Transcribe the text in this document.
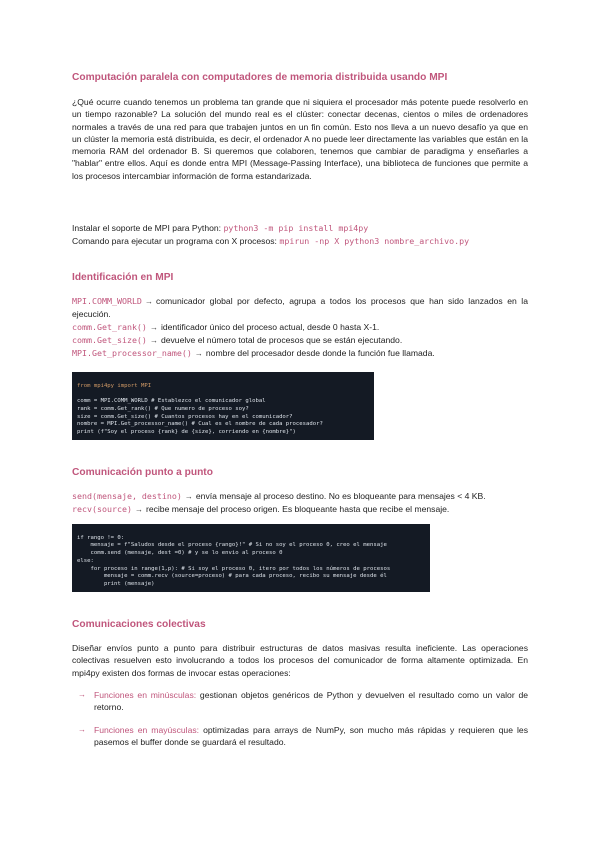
Computación paralela con computadores de memoria distribuida usando MPI

¿Qué ocurre cuando tenemos un problema tan grande que ni siquiera el procesador más potente puede resolverlo en un tiempo razonable? La solución del mundo real es el clúster: conectar decenas, cientos o miles de ordenadores normales a través de una red para que trabajen juntos en un fin común. Esto nos lleva a un nuevo desafío ya que en un clúster la memoria está distribuida, es decir, el ordenador A no puede leer directamente las variables que están en la memoria RAM del ordenador B. Si queremos que colaboren, tenemos que cambiar de paradigma y enseñarles a "hablar" entre ellos. Aquí es donde entra MPI (Message-Passing Interface), una biblioteca de funciones que permite a los procesos intercambiar información de forma estandarizada.

Instalar el soporte de MPI para Python: python3 -m pip install mpi4py
Comando para ejecutar un programa con X procesos: mpirun -np X python3 nombre_archivo.py
Identificación en MPI
MPI.COMM_WORLD → comunicador global por defecto, agrupa a todos los procesos que han sido lanzados en la ejecución.
comm.Get_rank() → identificador único del proceso actual, desde 0 hasta X-1.
comm.Get_size() → devuelve el número total de procesos que se están ejecutando.
MPI.Get_processor_name() → nombre del procesador desde donde la función fue llamada.

from mpi4py import MPI

comm = MPI.COMM_WORLD # Establezco el comunicador global
rank = comm.Get_rank() # Que numero de proceso soy?
size = comm.Get_size() # Cuantos procesos hay en el comunicador?
nombre = MPI.Get_processor_name() # Cual es el nombre de cada procesador?
print (f"Soy el proceso {rank} de {size}, corriendo en {nombre}")
Comunicación punto a punto
send(mensaje, destino) → envía mensaje al proceso destino. No es bloqueante para mensajes < 4 KB.
recv(source) → recibe mensaje del proceso origen. Es bloqueante hasta que recibe el mensaje.

if rango != 0:
mensaje = f"Saludos desde el proceso {rango}!" # Si no soy el proceso 0, creo el mensaje
comm.send (mensaje, dest =0) # y se lo envio al proceso 0
else:
for proceso in range(1,p): # Si soy el proceso 0, itero por todos los números de procesos
mensaje = comm.recv (source=proceso) # para cada proceso, recibo su mensaje desde él
print (mensaje)
Comunicaciones colectivas

Diseñar envíos punto a punto para distribuir estructuras de datos masivas resulta ineficiente. Las operaciones colectivas resuelven esto involucrando a todos los procesos del comunicador de forma altamente optimizada. En mpi4py existen dos formas de invocar estas operaciones:

→ Funciones en minúsculas: gestionan objetos genéricos de Python y devuelven el resultado como un valor de retorno.
→ Funciones en mayúsculas: optimizadas para arrays de NumPy, son mucho más rápidas y requieren que les pasemos el buffer donde se guardará el resultado.
